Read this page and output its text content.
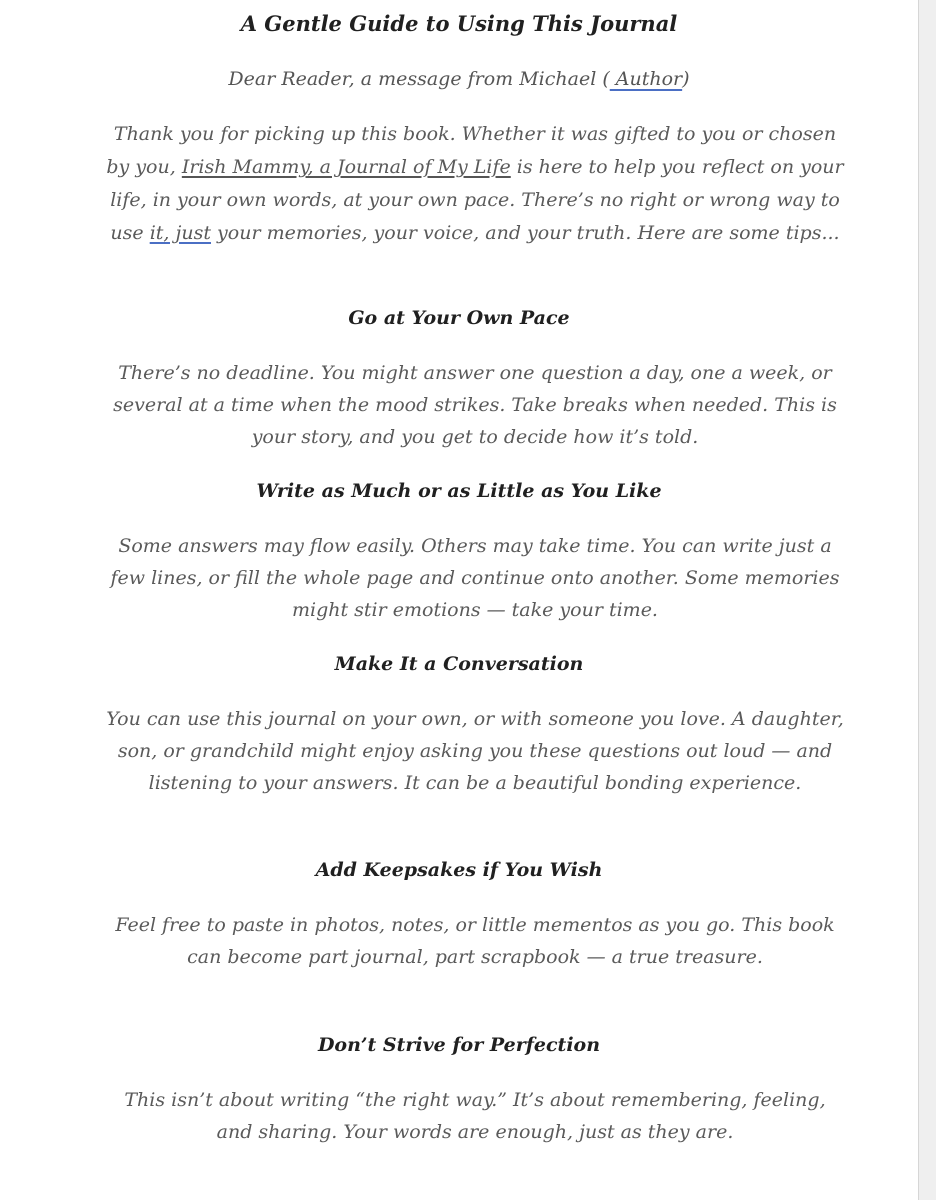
A Gentle Guide to Using This Journal

Dear Reader, a message from Michael ( Author)

Thank you for picking up this book. Whether it was gifted to you or chosen by you, Irish Mammy, a Journal of My Life is here to help you reflect on your life, in your own words, at your own pace. There’s no right or wrong way to use it, just your memories, your voice, and your truth. Here are some tips...

Go at Your Own Pace

There’s no deadline. You might answer one question a day, one a week, or several at a time when the mood strikes. Take breaks when needed. This is your story, and you get to decide how it’s told.

Write as Much or as Little as You Like

Some answers may flow easily. Others may take time. You can write just a few lines, or fill the whole page and continue onto another. Some memories might stir emotions — take your time.

Make It a Conversation

You can use this journal on your own, or with someone you love. A daughter, son, or grandchild might enjoy asking you these questions out loud — and listening to your answers. It can be a beautiful bonding experience.

Add Keepsakes if You Wish

Feel free to paste in photos, notes, or little mementos as you go. This book can become part journal, part scrapbook — a true treasure.

Don’t Strive for Perfection

This isn’t about writing “the right way.” It’s about remembering, feeling, and sharing. Your words are enough, just as they are.
